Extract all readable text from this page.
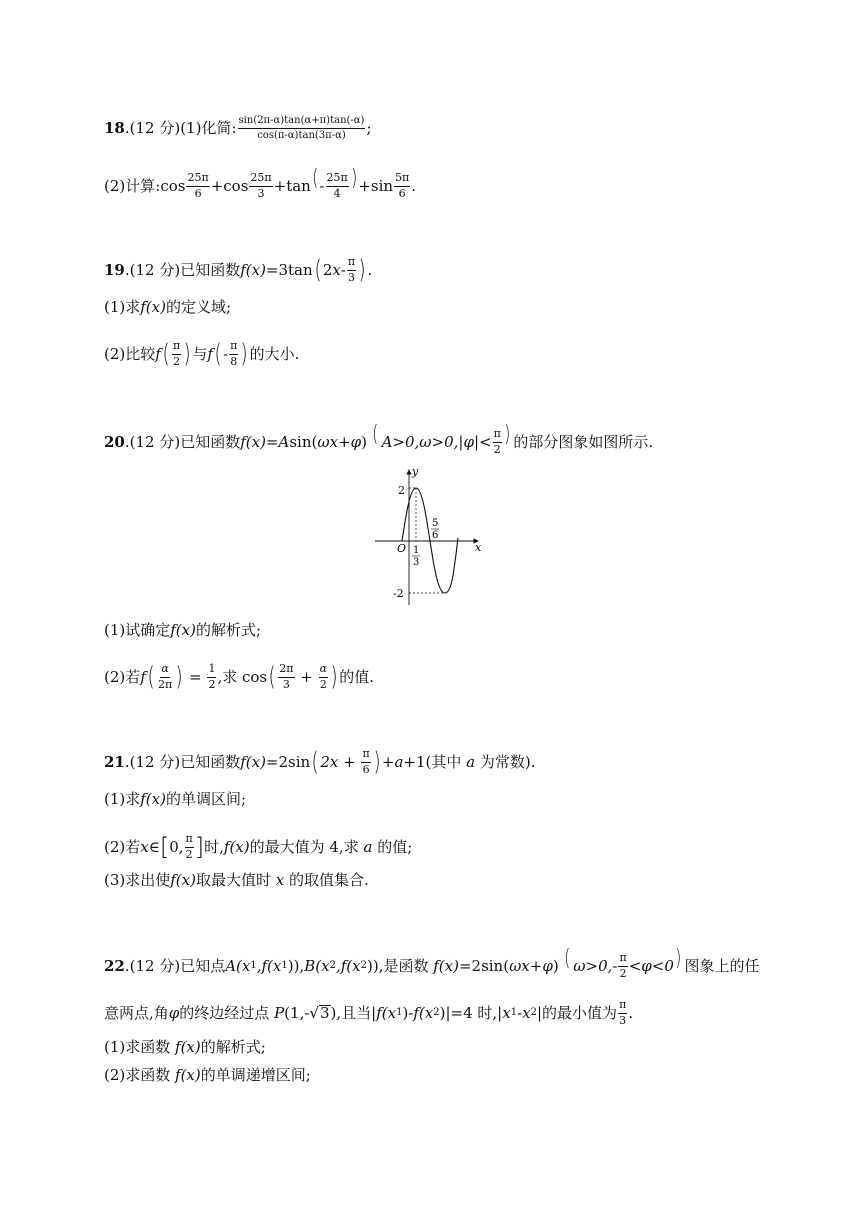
18 .(12 分)(1)化简: $\frac{\sin(2\pi-\alpha)\tan(\alpha+\pi)\tan(-\alpha)}{\cos(\pi-\alpha)\tan(3\pi-\alpha)}$ ;
(2)计算: $\cos \frac{25\pi}{6} +\cos \frac{25\pi}{3} +\tan$ ( - $\frac{25\pi}{4}$ ) $+\sin \frac{5\pi}{6}$ .
19 .(12 分)已知函数 f(x) =3tan ( 2 x - $\frac{\pi}{3}$ ) .
(1)求 f(x) 的定义域;
(2)比较 f ( $\frac{\pi}{2}$ ) 与 f ( - $\frac{\pi}{8}$ ) 的大小.
20 .(12 分)已知函数 f(x) =A sin( ωx+φ ) ( $A>0,\omega>0,|\varphi|< \frac{\pi}{2}$ ) 的部分图象如图所示.
y
x
O
2
-2
1
3
5
6
(1)试确定 f(x) 的解析式;
(2)若 f ( $\frac{\alpha}{2\pi}$ ) = $\frac{1}{2}$ ,求 cos ( $\frac{2\pi}{3} + \frac{\alpha}{2}$ ) 的值.
21 .(12 分)已知函数 f(x) =2sin ( $2x + \frac{\pi}{6}$ ) + a +1(其中 a 为常数).
(1)求 f(x) 的单调区间;
(2)若 x ∈ [ 0, $\frac{\pi}{2}$ ] 时, f(x) 的最大值为 4,求 a 的值;
(3)求出使 f(x) 取最大值时 x 的取值集合.
22 .(12 分)已知点 A(x 1 ,f(x 1 )), B(x 2 ,f(x 2 )), 是函数 f(x) =2sin( ωx+φ ) ( $\omega>0,- \frac{\pi}{2} <\varphi<0$ ) 图象上的任
意两点,角 φ 的终边经过点 P (1,- √ 3 ),且当| f(x 1 )- f(x 2 )|=4 时,| x 1 - x 2 |的最小值为 $\frac{\pi}{3}$ .
(1)求函数 f(x) 的解析式;
(2)求函数 f(x) 的单调递增区间;
